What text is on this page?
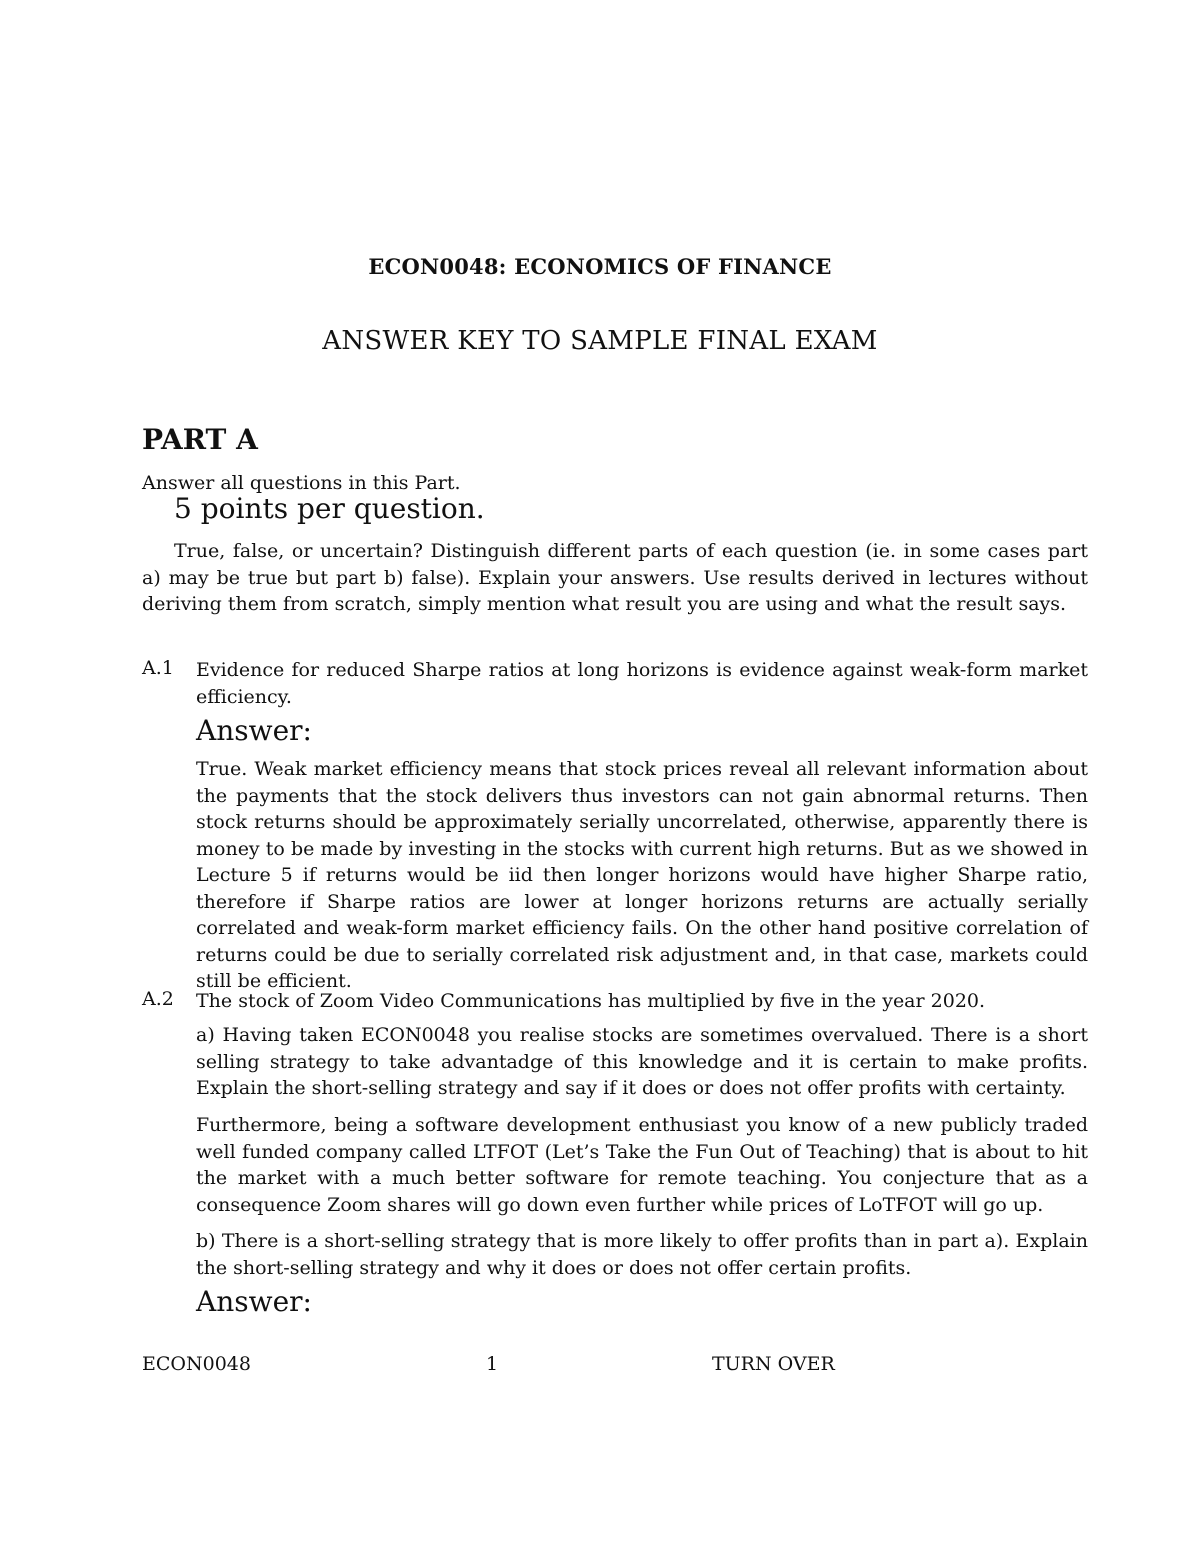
ECON0048: ECONOMICS OF FINANCE
ANSWER KEY TO SAMPLE FINAL EXAM
PART A
Answer all questions in this Part.
5 points per question.
True, false, or uncertain? Distinguish different parts of each question (ie. in some cases part a) may be true but part b) false). Explain your answers. Use results derived in lectures without deriving them from scratch, simply mention what result you are using and what the result says.
A.1 Evidence for reduced Sharpe ratios at long horizons is evidence against weak-form market efficiency.
Answer:
True. Weak market efficiency means that stock prices reveal all relevant information about the payments that the stock delivers thus investors can not gain abnormal returns. Then stock returns should be approximately serially uncorrelated, otherwise, apparently there is money to be made by investing in the stocks with current high returns. But as we showed in Lecture 5 if returns would be iid then longer horizons would have higher Sharpe ratio, therefore if Sharpe ratios are lower at longer horizons returns are actually serially correlated and weak-form market efficiency fails. On the other hand positive correlation of returns could be due to serially correlated risk adjustment and, in that case, markets could still be efficient.
A.2 The stock of Zoom Video Communications has multiplied by five in the year 2020.
a) Having taken ECON0048 you realise stocks are sometimes overvalued. There is a short selling strategy to take advantadge of this knowledge and it is certain to make profits. Explain the short-selling strategy and say if it does or does not offer profits with certainty.
Furthermore, being a software development enthusiast you know of a new publicly traded well funded company called LTFOT (Let’s Take the Fun Out of Teaching) that is about to hit the market with a much better software for remote teaching. You conjecture that as a consequence Zoom shares will go down even further while prices of LoTFOT will go up.
b) There is a short-selling strategy that is more likely to offer profits than in part a). Explain the short-selling strategy and why it does or does not offer certain profits.
Answer:
ECON0048	1	TURN OVER
